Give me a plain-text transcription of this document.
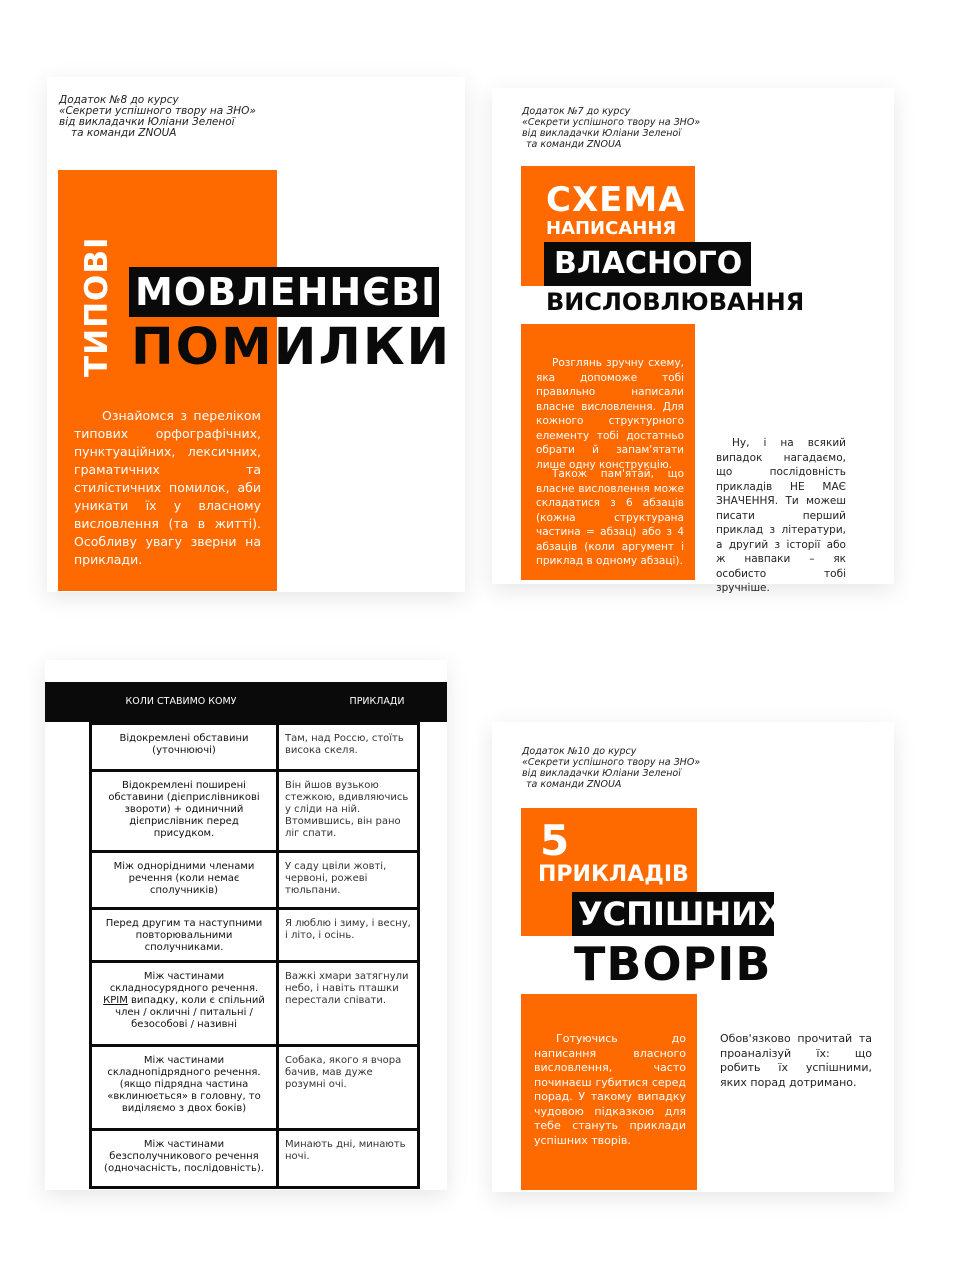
Додаток №8 до курсу
«Секрети успішного твору на ЗНО»
від викладачки Юліани Зеленої
та команди ZNOUA
ТИПОВІ МОВЛЕННЄВІ
ПОМИЛКИ
Ознайомся з переліком типових орфографічних, пунктуаційних, лексичних, граматичних та стилістичних помилок, аби уникати їх у власному висловлення (та в житті). Особливу увагу зверни на приклади.
Додаток №7 до курсу
«Секрети успішного твору на ЗНО»
від викладачки Юліани Зеленої
та команди ZNOUA
СХЕМА
НАПИСАННЯ
ВЛАСНОГО
ВИСЛОВЛЮВАННЯ
Розглянь зручну схему, яка допоможе тобі правильно написали власне висловлення. Для кожного структурного елементу тобі достатньо обрати й запам'ятати лише одну конструкцію.
Також пам'ятай, що власне висловлення може складатися з 6 абзаців (кожна структурана частина = абзац) або з 4 абзаців (коли аргумент і приклад в одному абзаці).
Ну, і на всякий випадок нагадаємо, що послідовність прикладів НЕ МАЄ ЗНАЧЕННЯ. Ти можеш писати перший приклад з літератури, а другий з історії або ж навпаки – як особисто тобі зручніше.
КОЛИ СТАВИМО КОМУ	ПРИКЛАДИ
Відокремлені обставини (уточнюючі)	Там, над Россю, стоїть висока скеля.
Відокремлені поширені обставини (дієприслівникові звороти) + одиничний дієприслівник перед присудком.	Він йшов вузькою стежкою, вдивляючись у сліди на ній. Втомившись, він рано ліг спати.
Між однорідними членами речення (коли немає сполучників)	У саду цвіли жовті, червоні, рожеві тюльпани.
Перед другим та наступними повторювальними сполучниками.	Я люблю і зиму, і весну, і літо, і осінь.
Між частинами складносурядного речення. КРІМ випадку, коли є спільний член / окличні / питальні / безособові / називні	Важкі хмари затягнули небо, і навіть пташки перестали співати.
Між частинами складнопідрядного речення. (якщо підрядна частина «вклинюється» в головну, то виділяємо з двох боків)	Собака, якого я вчора бачив, мав дуже розумні очі.
Між частинами безсполучникового речення (одночасність, послідовність).	Минають дні, минають ночі.
Додаток №10 до курсу
«Секрети успішного твору на ЗНО»
від викладачки Юліани Зеленої
та команди ZNOUA
5
ПРИКЛАДІВ
УСПІШНИХ
ТВОРІВ
Готуючись до написання власного висловлення, часто починаєш губитися серед порад. У такому випадку чудовою підказкою для тебе стануть приклади успішних творів.
Обов'язково прочитай та проаналізуй їх: що робить їх успішними, яких порад дотримано.
